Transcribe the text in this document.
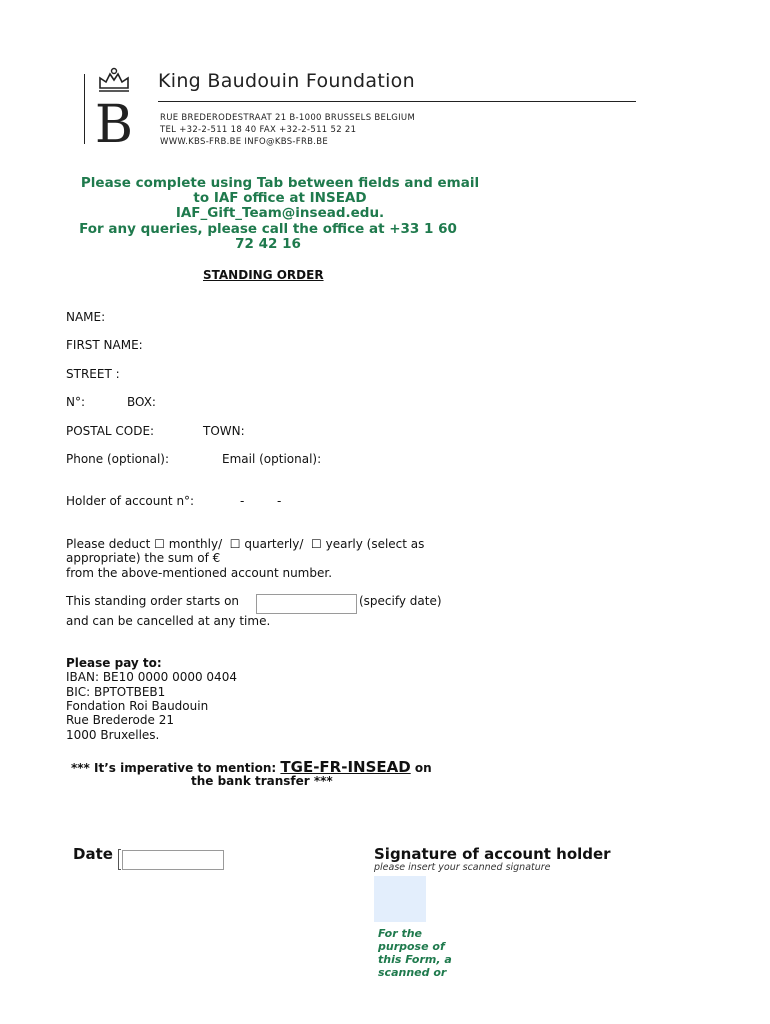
B
King Baudouin Foundation
RUE BREDERODESTRAAT 21 B-1000 BRUSSELS BELGIUM
TEL +32-2-511 18 40 FAX +32-2-511 52 21
WWW.KBS-FRB.BE INFO@KBS-FRB.BE
Please complete using Tab between fields and email
to IAF office at INSEAD
IAF_Gift_Team@insead.edu.
For any queries, please call the office at +33 1 60
72 42 16
STANDING ORDER
NAME:
FIRST NAME:
STREET :
N°:	BOX:
POSTAL CODE:	TOWN:
Phone (optional):	Email (optional):
Holder of account n°:	-	-
Please deduct ☐ monthly/  ☐ quarterly/  ☐ yearly (select as
appropriate) the sum of €
from the above-mentioned account number.
This standing order starts on	(specify date)
and can be cancelled at any time.
Please pay to:
IBAN: BE10 0000 0000 0404
BIC: BPTOTBEB1
Fondation Roi Baudouin
Rue Brederode 21
1000 Bruxelles.
*** It’s imperative to mention: TGE-FR-INSEAD on
the bank transfer ***
Date	Signature of account holder
please insert your scanned signature
For the
purpose of
this Form, a
scanned or
